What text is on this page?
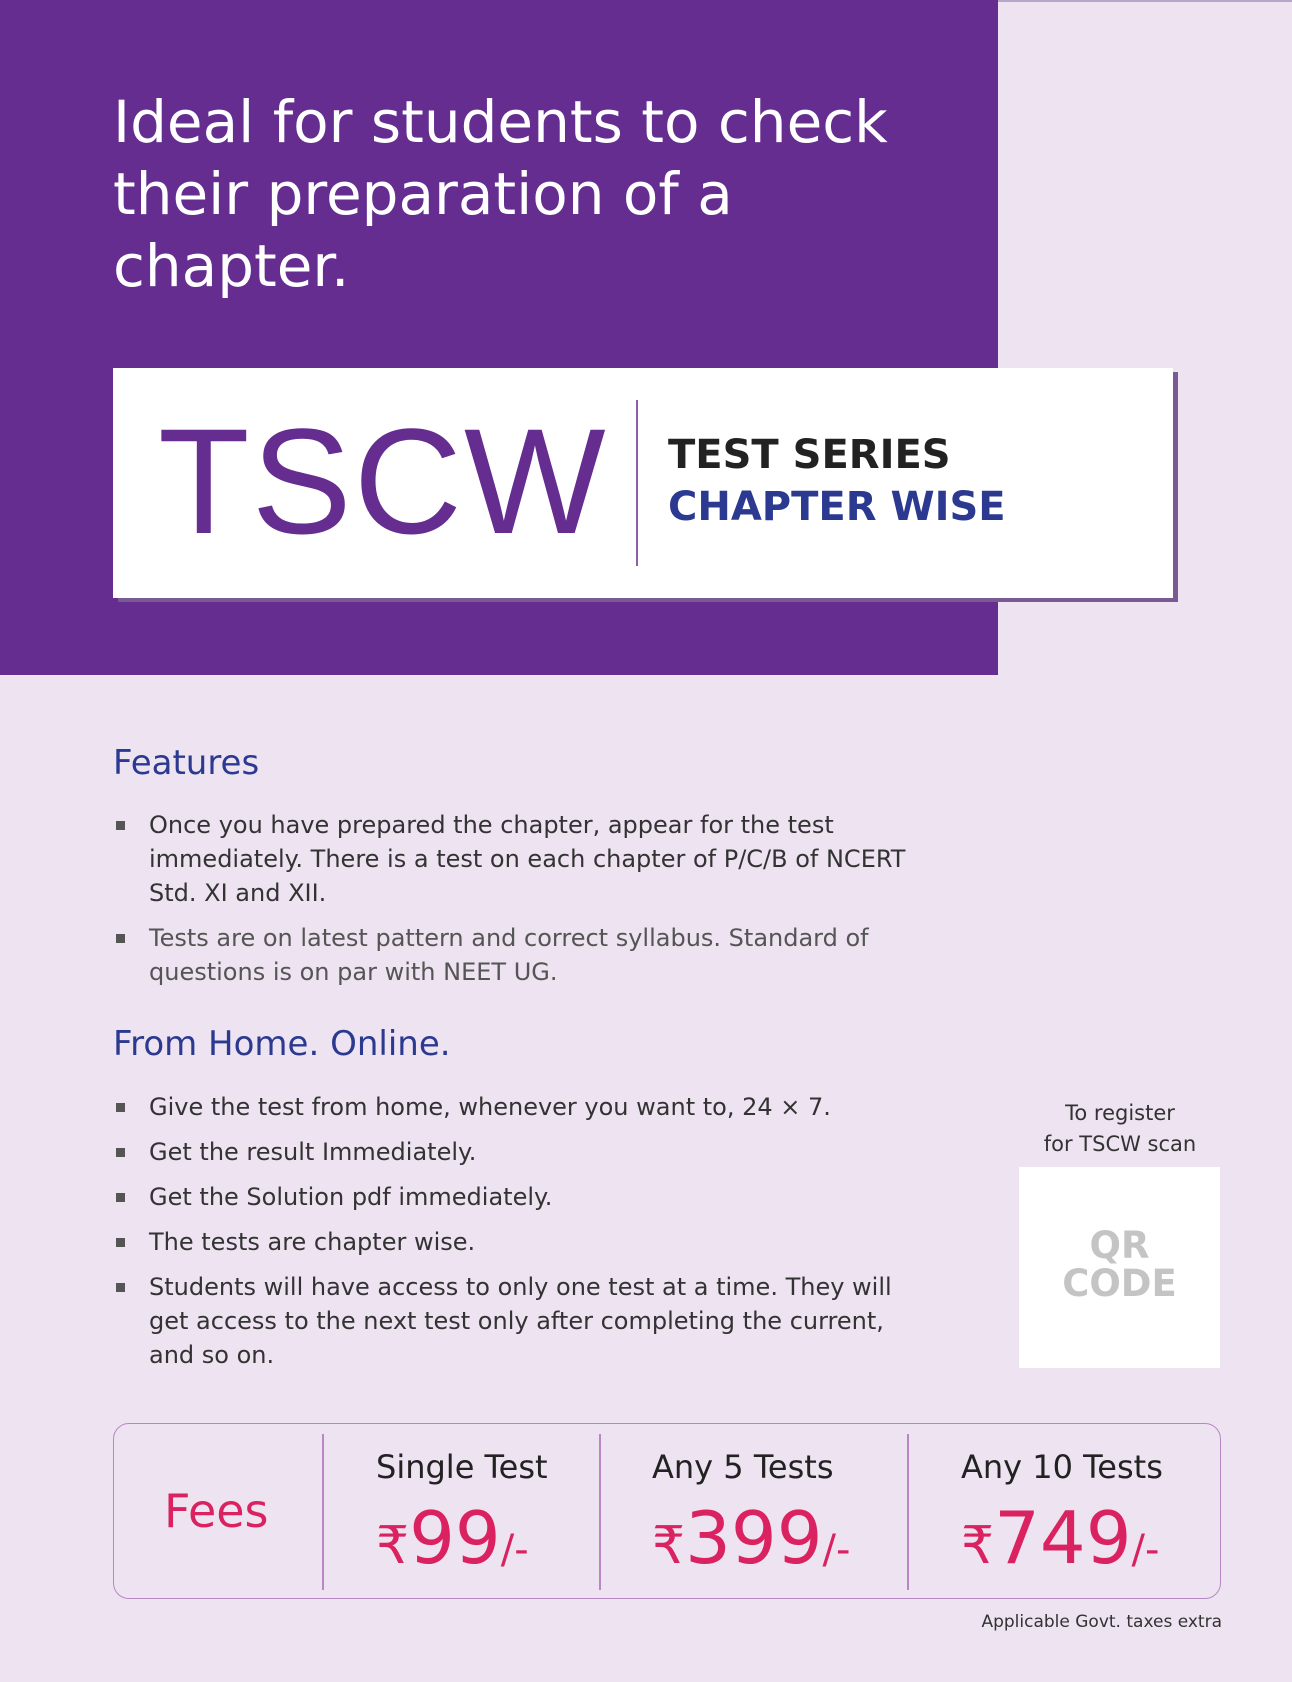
Ideal for students to check their preparation of a chapter.
TSCW TEST SERIES
CHAPTER WISE
Features
Once you have prepared the chapter, appear for the test immediately. There is a test on each chapter of P/C/B of NCERT Std. XI and XII.
Tests are on latest pattern and correct syllabus. Standard of questions is on par with NEET UG.
From Home. Online.
Give the test from home, whenever you want to, 24 × 7.
Get the result Immediately.
Get the Solution pdf immediately.
The tests are chapter wise.
Students will have access to only one test at a time. They will get access to the next test only after completing the current, and so on.
To register
for TSCW scan
QR
CODE
Fees
Single Test
₹99/-
Any 5 Tests
₹399/-
Any 10 Tests
₹749/-
Applicable Govt. taxes extra
